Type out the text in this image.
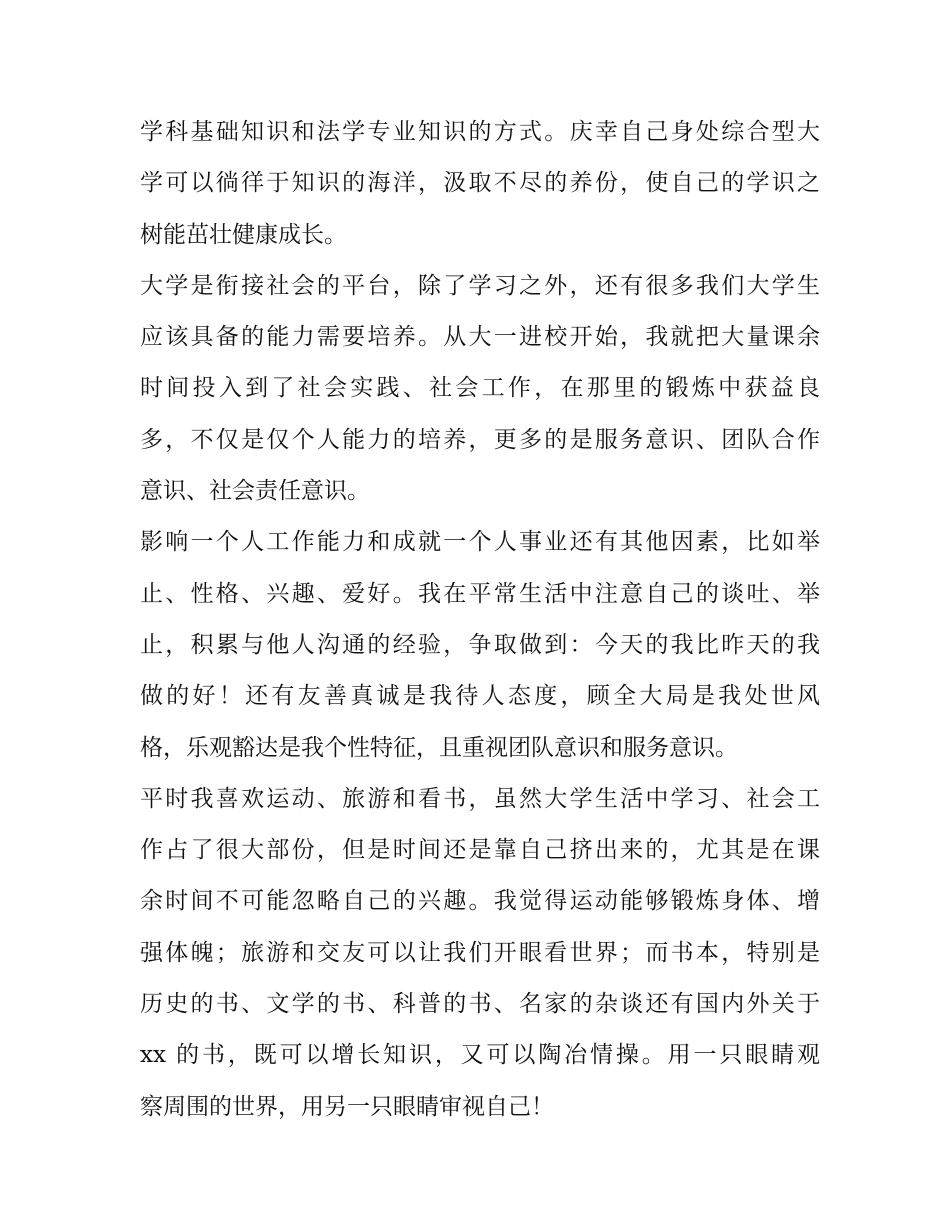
学科基础知识和法学专业知识的方式。庆幸自己身处综合型大
学可以徜徉于知识的海洋，汲取不尽的养份，使自己的学识之
树能茁壮健康成长。
大学是衔接社会的平台，除了学习之外，还有很多我们大学生
应该具备的能力需要培养。从大一进校开始，我就把大量课余
时间投入到了社会实践、社会工作，在那里的锻炼中获益良
多，不仅是仅个人能力的培养，更多的是服务意识、团队合作
意识、社会责任意识。
影响一个人工作能力和成就一个人事业还有其他因素，比如举
止、性格、兴趣、爱好。我在平常生活中注意自己的谈吐、举
止，积累与他人沟通的经验，争取做到：今天的我比昨天的我
做的好！还有友善真诚是我待人态度，顾全大局是我处世风
格，乐观豁达是我个性特征，且重视团队意识和服务意识。
平时我喜欢运动、旅游和看书，虽然大学生活中学习、社会工
作占了很大部份，但是时间还是靠自己挤出来的，尤其是在课
余时间不可能忽略自己的兴趣。我觉得运动能够锻炼身体、增
强体魄；旅游和交友可以让我们开眼看世界；而书本，特别是
历史的书、文学的书、科普的书、名家的杂谈还有国内外关于
xx 的书，既可以增长知识，又可以陶冶情操。用一只眼睛观
察周围的世界，用另一只眼睛审视自己！
